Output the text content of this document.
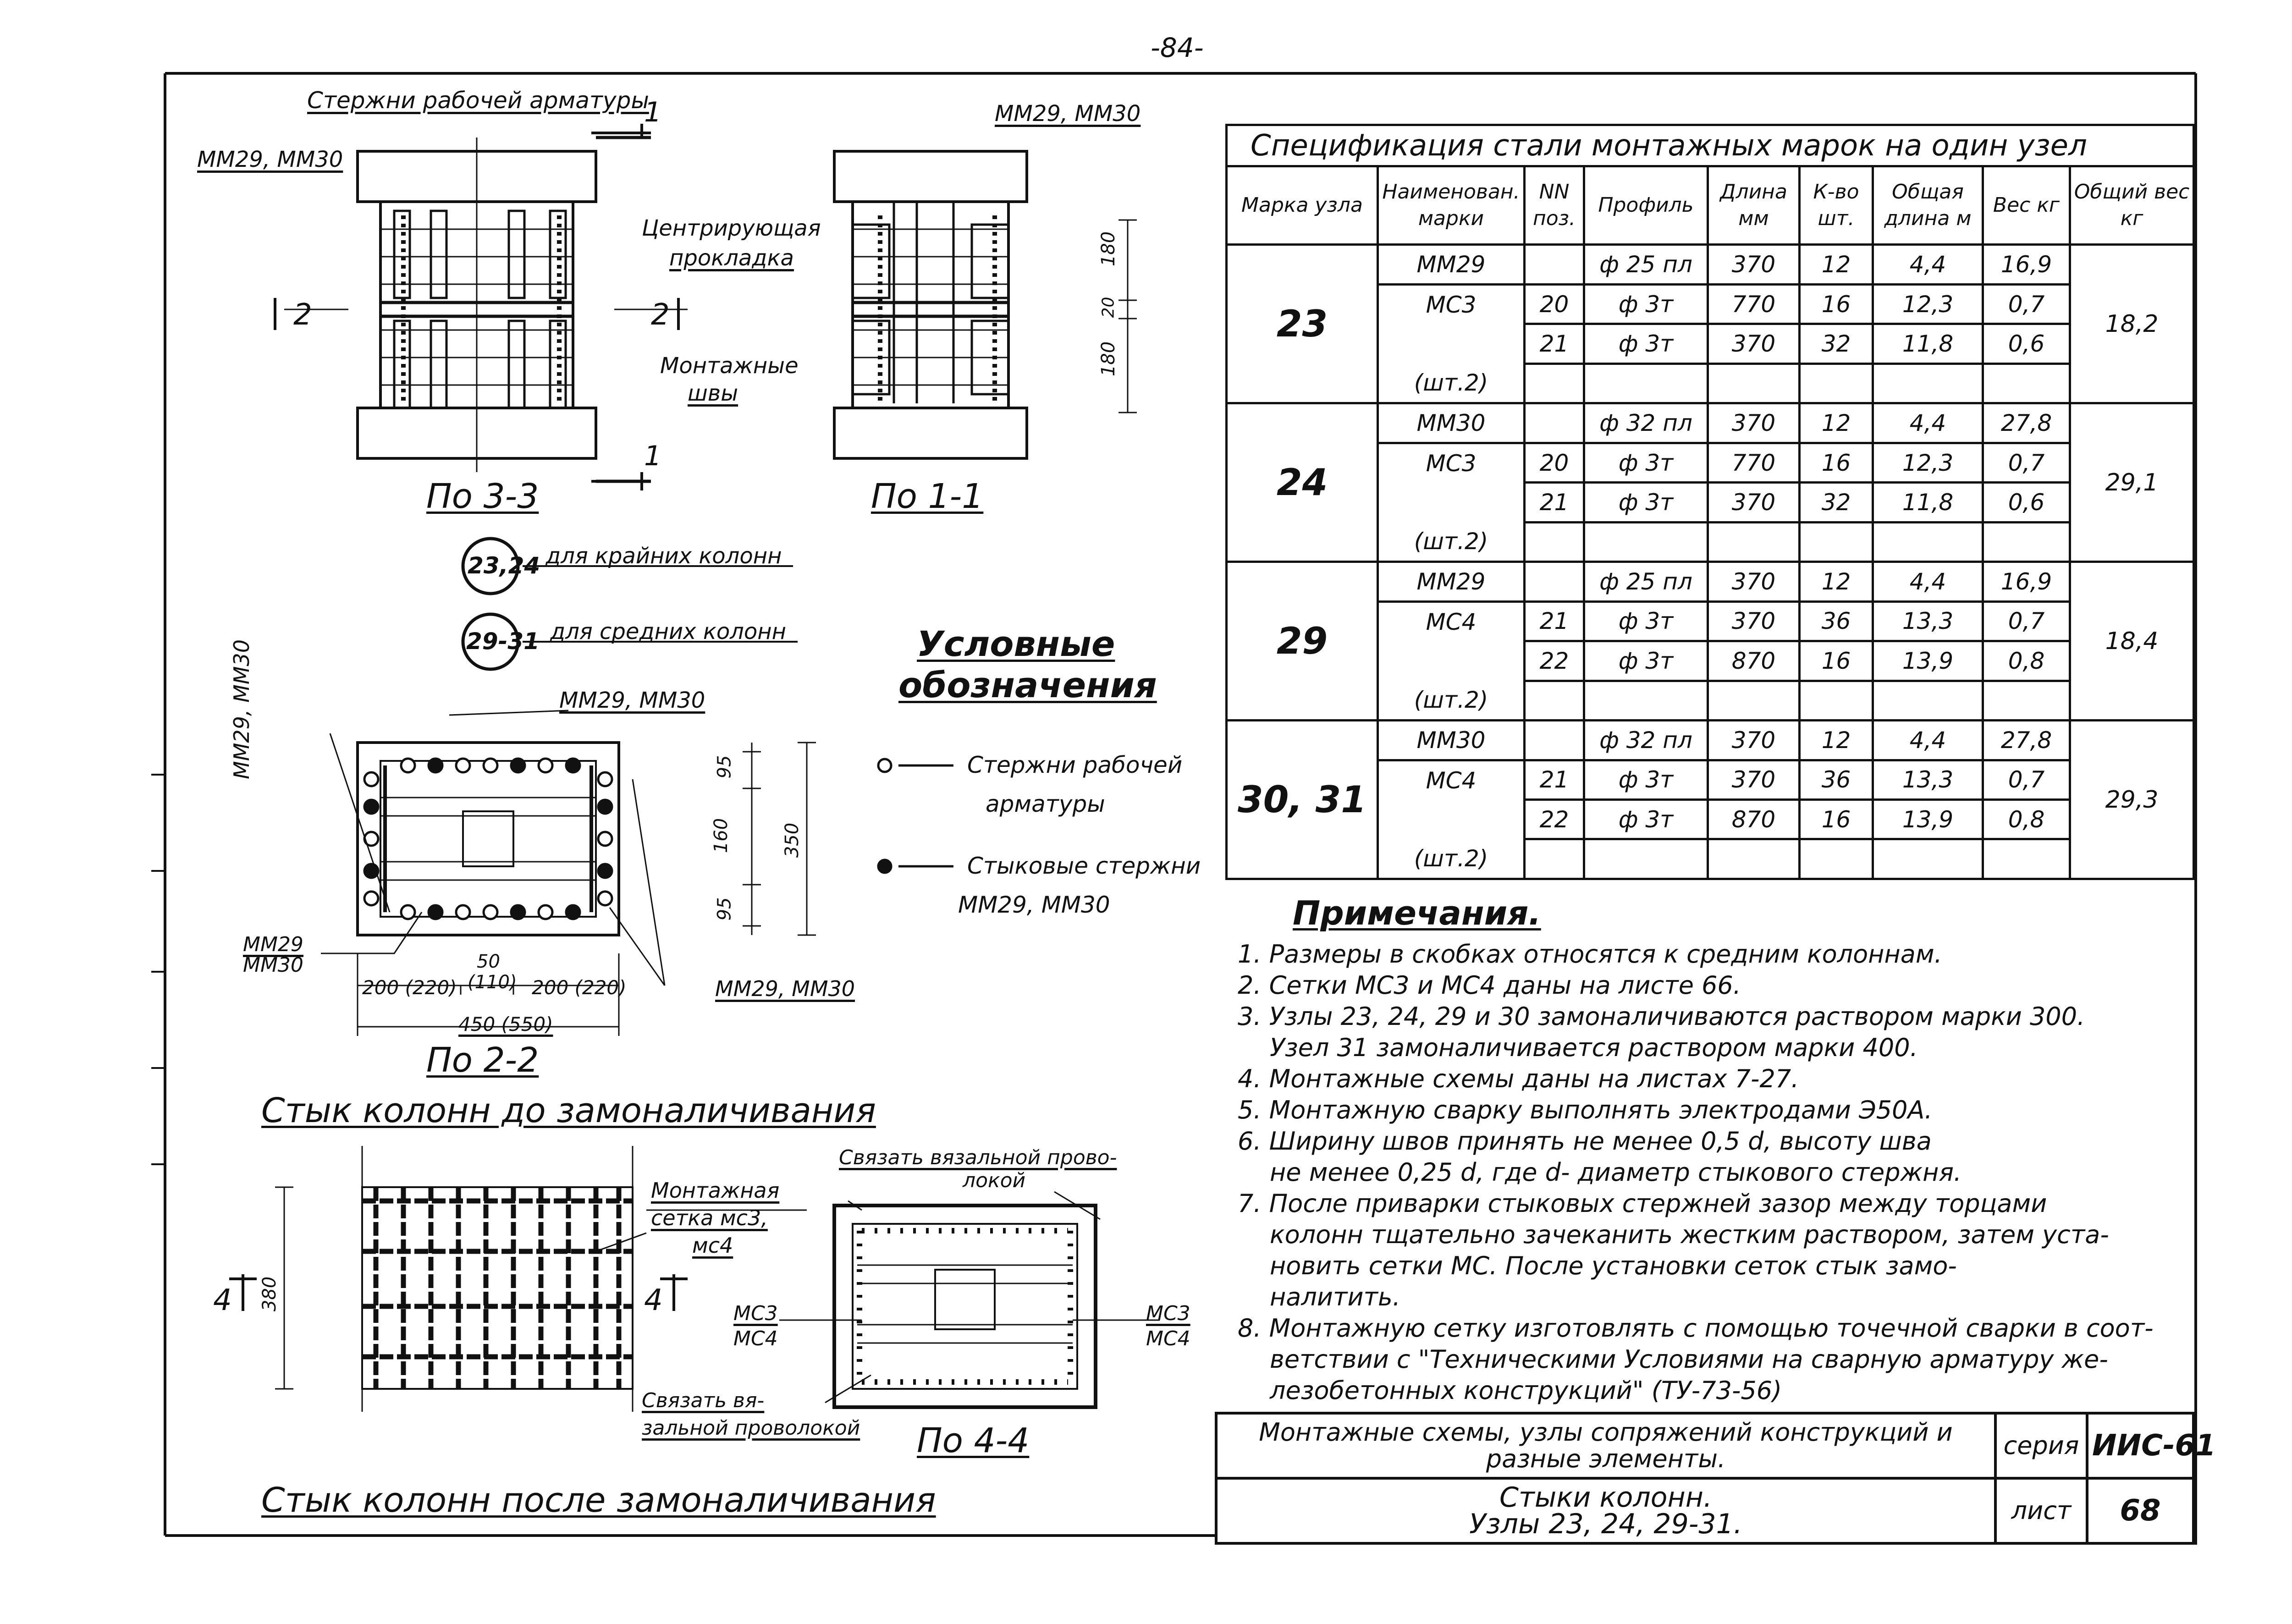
-84-
Стержни рабочей арматуры
ММ29, ММ30
ММ29, ММ30
Центрирующая
прокладка
Монтажные
швы
1
1
2	2
180
20
180
По 3-3	По 1-1
23,24 для крайних колонн
29-31 для средних колонн
ММ29, ММ30
ММ29, ММ30	95
160
95
350
ММ29
ММ30
ММ29, ММ30
50
(110)
200 (220)	200 (220)
450 (550)
По 2-2
Стык колонн до замоналичивания
Монтажная
сетка мс3,
мс4
380
4	4
Связать вязальной прово-
локой
МС3
МС4
МС3
МС4
Связать вя-
зальной проволокой По 4-4
Стык колонн после замоналичивания
Условные
обозначения
Стержни рабочей
арматуры
Стыковые стержни
ММ29, ММ30
Спецификация стали монтажных марок на один узел								
Марка узла	Наименован. марки	NN поз.	Профиль	Длина мм	К-во шт.	Общая длина м	Вес кг	Общий вес кг
23	ММ29		ф 25 пл	370	12	4,4	16,9	18,2
	МС3	20	ф 3т	770	16	12,3	0,7	
		21	ф 3т	370	32	11,8	0,6	
	(шт.2)							
24	ММ30		ф 32 пл	370	12	4,4	27,8	29,1
	МС3	20	ф 3т	770	16	12,3	0,7	
		21	ф 3т	370	32	11,8	0,6	
	(шт.2)							
29	ММ29		ф 25 пл	370	12	4,4	16,9	18,4
	МС4	21	ф 3т	370	36	13,3	0,7	
		22	ф 3т	870	16	13,9	0,8	
	(шт.2)							
30, 31	ММ30		ф 32 пл	370	12	4,4	27,8	29,3
	МС4	21	ф 3т	370	36	13,3	0,7	
		22	ф 3т	870	16	13,9	0,8	
	(шт.2)							
Примечания.
1. Размеры в скобках относятся к средним колоннам.
2. Сетки МС3 и МС4 даны на листе 66.
3. Узлы 23, 24, 29 и 30 замоналичиваются раствором марки 300.
Узел 31 замоналичивается раствором марки 400.
4. Монтажные схемы даны на листах 7-27.
5. Монтажную сварку выполнять электродами Э50А.
6. Ширину швов принять не менее 0,5 d, высоту шва
не менее 0,25 d, где d- диаметр стыкового стержня.
7. После приварки стыковых стержней зазор между торцами
колонн тщательно зачеканить жестким раствором, затем уста-
новить сетки МС. После установки сеток стык замо-
налитить.
8. Монтажную сетку изготовлять с помощью точечной сварки в соот-
ветствии с "Техническими Условиями на сварную арматуру же-
лезобетонных конструкций" (ТУ-73-56)
Монтажные схемы, узлы сопряжений конструкций и разные элементы.	серия	ИИС-61

Стыки колонн.
Узлы 23, 24, 29-31.	лист	68
